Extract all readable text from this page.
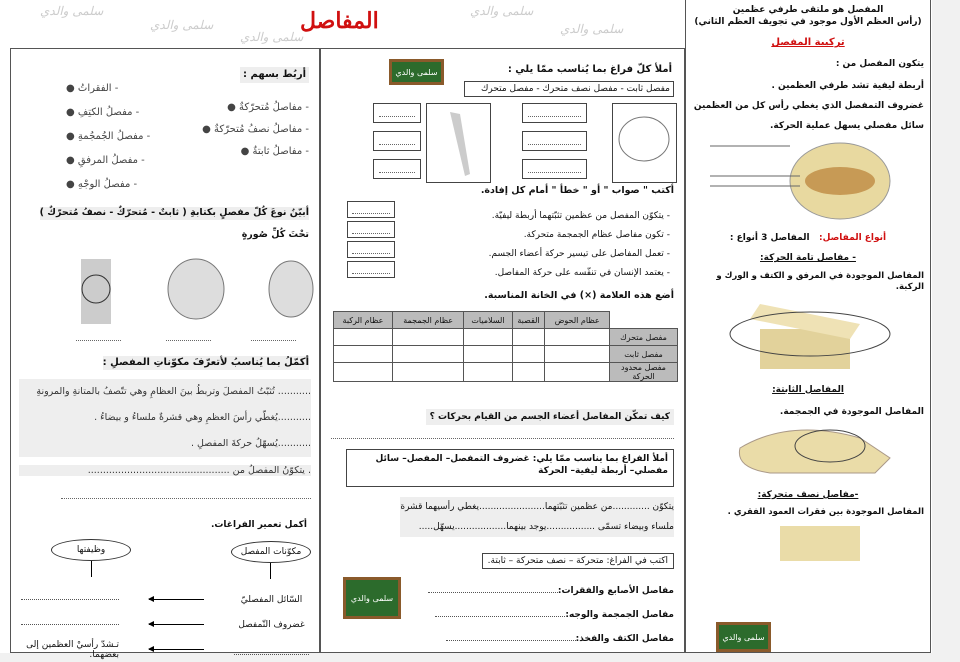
سلمى والدي
سلمى والدي
سلمى والدي
سلمى والدي
سلمى والدي
المفاصل	المفصل هو ملتقى طرفي عظمين
(رأس العظم الأول موجود في تجويف العظم الثاني)
تركيبة المفصل
يتكون المفصل من :
أربطة ليفية تشد طرفي العظمين .
غضروف التمفصل الذي يغطي رأس كل من العظمين
سائل مفصلي يسهل عملية الحركة.
أنواع المفاصل:   المفاصل 3 أنواع :
- مفاصل تامة الحركة:
المفاصل الموجودة في المرفق و الكتف و الورك و الركبة.
المفاصل الثابتة:
المفاصل الموجودة في الجمجمة.
-مفاصل نصف متحركة:
المفاصل الموجودة بين فقرات العمود الفقري .
سلمى والدي
سلمى والدي	أملأ كلّ فراغ بما يُناسب ممّا يلي :
مفصل ثابت - مفصل نصف متحرك - مفصل متحرك
أكتب " صواب " أو " خطأ " أمام كل إفادة.
- يتكوّن المفصل من عظمين تثبّتهما أربطة ليفيّة.
- تكون مفاصل عظام الجمجمة متحركة.
- تعمل المفاصل على تيسير حركة أعضاء الجسم.
- يعتمد الإنسان في تنفّسه على حركة المفاصل.
أضع هذه العلامة (×) في الخانة المناسبة.
	عظام الحوض	القصبة	السلاميات	عظام الجمجمة	عظام الركبة
مفصل متحرك					
مفصل ثابت					
مفصل محدود الحركة					
كيف تمكّن المفاصل أعضاء الجسم من القيام بحركات ؟
أملأ الفراغ بما يناسب ممّا يلي: غضروف التمفصل– المفصل– سائل مفصلي– أربطة ليفية– الحركة
يتكوّن .............من عظمين تثبّتهما.......................يغطي رأسيهما قشرة
ملساء وبيضاء تسمّى .................يوجد بينهما..................يسهّل.....
اكتب في الفراغ: متحركة – نصف متحركة – ثابتة.
سلمى والدي
مفاصل الأصابع والفقرات:
مفاصل الجمجمة والوجه:
مفاصل الكتف والفخذ:
أربُط بسهم :
- مفاصلُ مُتحرّكةٌ ●
- مفاصلُ نصفُ مُتحرّكةٌ ●
- مفاصلُ ثابتةٌ ●
● - الفقراتُ
● - مفصلُ الكتِفِ
● - مفصلُ الجُمجُمةِ
● - مفصلُ المرفقِ
● - مفصلُ الوجْهِ
أبيّنُ نوعَ كُلّ مفصلٍ بكتابةِ ( ثابتٌ - مُتحرّكٌ - نصفُ مُتحرّكٌ )
تحْتَ كُلِّ صُورةٍ
أكمّلُ بما يُناسبُ لأتعرّفَ مكوّناتِ المفصلِ :
........... تُثبّتُ المفصلَ وتربطُ بينَ العظامِ وهي تتّصفُ بالمتانةِ والمرونةِ
...........يُغطّي رأسَ العظمِ وهي قشرةٌ ملساءُ و بيضاءُ .
...........يُسهّلُ حركةَ المفصلِ .
. يتكوّنُ المفصلُ من ...............................................
أكمل تعمير الفراغات.
مكوّنات المفصل
وظيفتها
السّائل المفصليّ
غضروف التّمفصل
تـشدّ رأسيْ العظمين إلى بعضهما.
